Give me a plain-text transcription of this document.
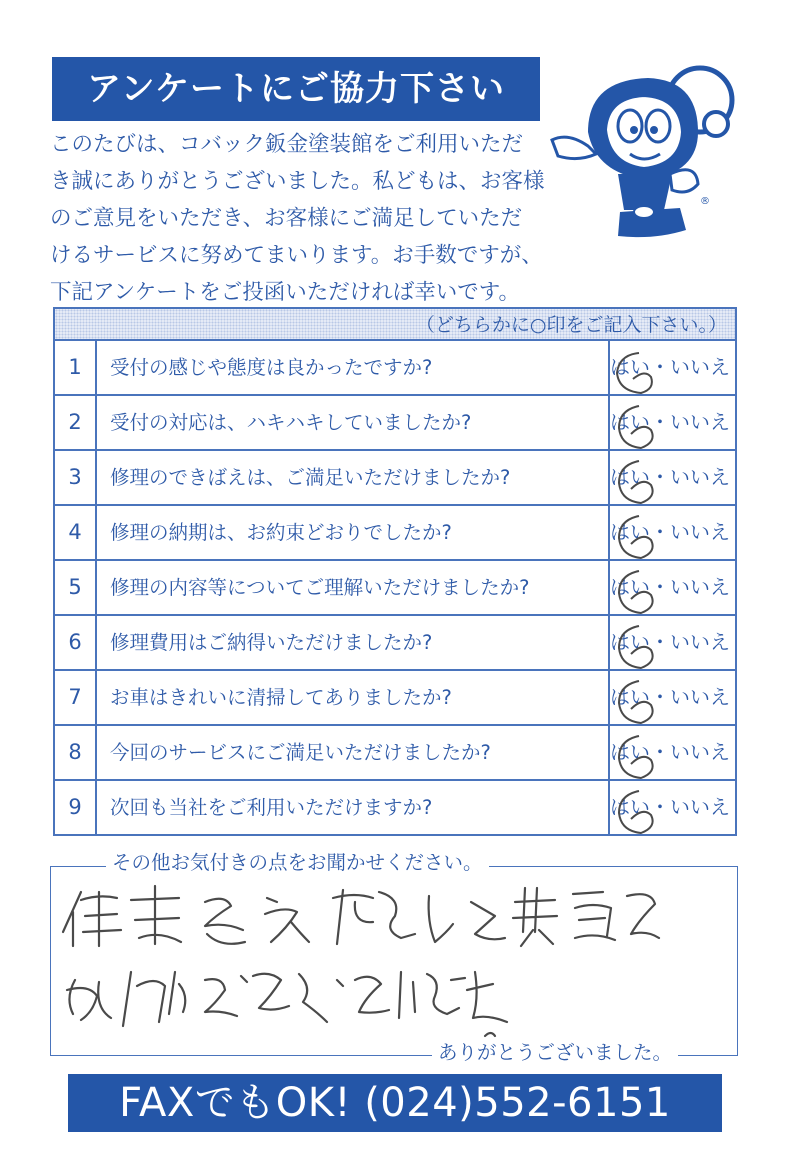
アンケートにご協力下さい
このたびは、コバック鈑金塗装館をご利用いただ
き誠にありがとうございました。私どもは、お客様
のご意見をいただき、お客様にご満足していただ
けるサービスに努めてまいります。お手数ですが、
下記アンケートをご投函いただければ幸いです。
®
（どちらかに○印をご記入下さい。）
1	受付の感じや態度は良かったですか?	はい・いいえ
2	受付の対応は、ハキハキしていましたか?	はい・いいえ
3	修理のできばえは、ご満足いただけましたか?	はい・いいえ
4	修理の納期は、お約束どおりでしたか?	はい・いいえ
5	修理の内容等についてご理解いただけましたか?	はい・いいえ
6	修理費用はご納得いただけましたか?	はい・いいえ
7	お車はきれいに清掃してありましたか?	はい・いいえ
8	今回のサービスにご満足いただけましたか?	はい・いいえ
9	次回も当社をご利用いただけますか?	はい・いいえ
その他お気付きの点をお聞かせください。
ありがとうございました。
FAXでもOK! (024)552-6151
